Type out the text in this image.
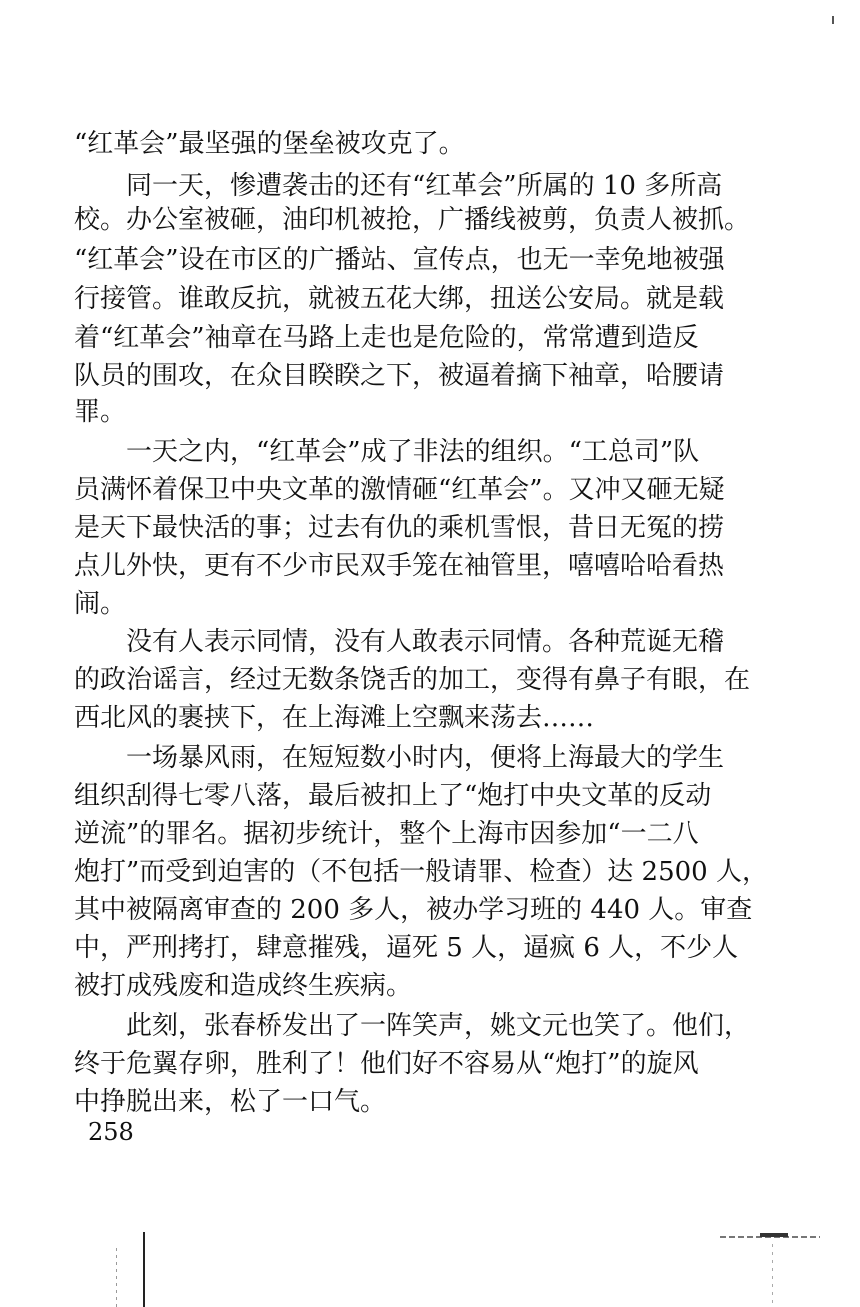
“红革会”最坚强的堡垒被攻克了。
　　同一天，惨遭袭击的还有“红革会”所属的 10 多所高
校。办公室被砸，油印机被抢，广播线被剪，负责人被抓。
“红革会”设在市区的广播站、宣传点，也无一幸免地被强
行接管。谁敢反抗，就被五花大绑，扭送公安局。就是载
着“红革会”袖章在马路上走也是危险的，常常遭到造反
队员的围攻，在众目睽睽之下，被逼着摘下袖章，哈腰请
罪。
　　一天之内，“红革会”成了非法的组织。“工总司”队
员满怀着保卫中央文革的激情砸“红革会”。又冲又砸无疑
是天下最快活的事；过去有仇的乘机雪恨，昔日无冤的捞
点儿外快，更有不少市民双手笼在袖管里，嘻嘻哈哈看热
闹。
　　没有人表示同情，没有人敢表示同情。各种荒诞无稽
的政治谣言，经过无数条饶舌的加工，变得有鼻子有眼，在
西北风的裹挟下，在上海滩上空飘来荡去……
　　一场暴风雨，在短短数小时内，便将上海最大的学生
组织刮得七零八落，最后被扣上了“炮打中央文革的反动
逆流”的罪名。据初步统计，整个上海市因参加“一二八
炮打”而受到迫害的（不包括一般请罪、检查）达 2500 人，
其中被隔离审查的 200 多人，被办学习班的 440 人。审查
中，严刑拷打，肆意摧残，逼死 5 人，逼疯 6 人，不少人
被打成残废和造成终生疾病。
　　此刻，张春桥发出了一阵笑声，姚文元也笑了。他们，
终于危翼存卵，胜利了！他们好不容易从“炮打”的旋风
中挣脱出来，松了一口气。
258
